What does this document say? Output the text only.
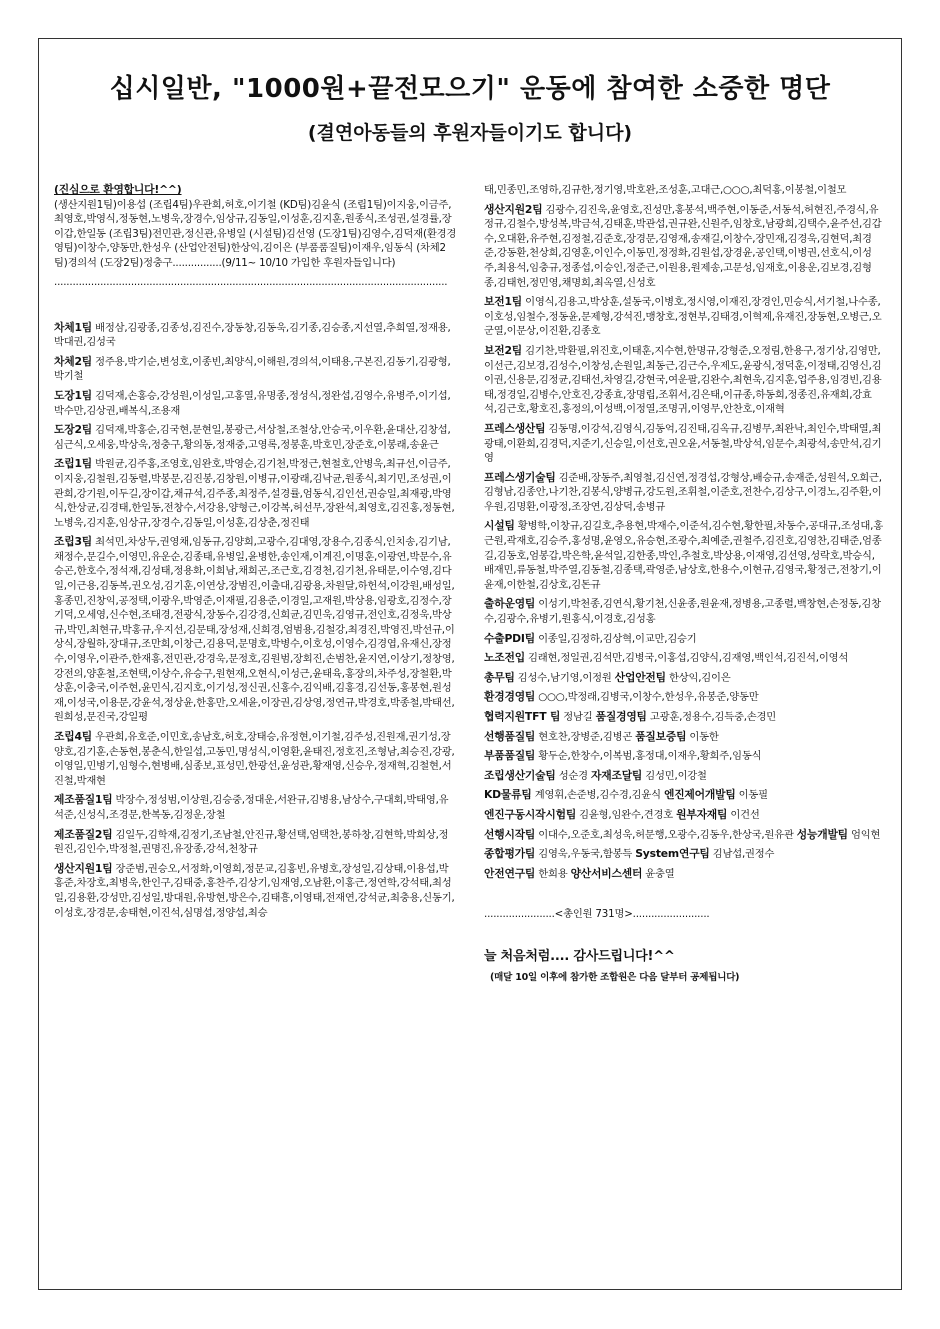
십시일반, "1000원+끝전모으기" 운동에 참여한 소중한 명단
(결연아동들의 후원자들이기도 합니다)
(진심으로 환영합니다!^^)
(생산지원1팀)이용섭 (조립4팀)우관희,허호,이기철 (KD팀)김윤식 (조립1팀)이지웅,이금주,최영호,박영식,정동현,노병욱,장경수,임상규,김동일,이성훈,김지훈,원종식,조성권,설경률,장이갑,한일동 (조립3팀)전민관,정신관,유병일 (시설팀)김선영 (도장1팀)김영수,김덕재(환경경영팀)이창수,양동만,한성우 (산업안전팀)한상익,김이은 (부품품질팀)이재우,임동식 (차체2팀)경의석 (도장2팀)정충구................(9/11~ 10/10 가입한 후원자들입니다)
................................................................................................................................
차체1팀 배정삼,김광종,김종성,김진수,장동창,김동욱,김기종,김승종,지선열,추희열,정재용,박대권,김성국
차체2팀 정주용,박기순,변성호,이종빈,최양식,이해원,경의석,이태용,구본진,김동기,김광형,박기철
도장1팀 김덕재,손홍승,강성원,이성일,고홍열,유명종,정성식,정완섭,김영수,유병주,이기섭,박수만,김상권,배복식,조용재
도장2팀 김덕재,박홍순,김국현,문현일,봉광근,서상철,조철상,안승국,이우환,윤대산,김창섭,심근식,오세웅,박상욱,정충구,황의동,정재중,고영록,정봉훈,박호민,장준호,이봉래,송윤근
조립1팀 박원균,김주홍,조영호,임완호,박영순,김기천,박정근,현철호,안병욱,최규선,이금주,이지웅,김철원,김동렬,박봉문,김진봉,김창원,이병규,이광래,김낙균,원종식,최기민,조성권,이관희,강기원,이두길,장이갑,채규석,김주종,최정주,설경률,엄동식,김인선,권승일,최재광,박영식,한상균,김경태,한일동,전창수,서강용,양형근,이강복,허선무,장완석,최영호,김진홍,정동현,노병욱,김지훈,임상규,장경수,김동일,이성훈,김상춘,정진태
조립3팀 최석민,차상두,권영채,임동규,김양희,고광수,김대영,장용수,김종식,인치송,김기남,채정수,문길수,이영민,유운순,김종태,유병일,윤병한,송인재,이계진,이명훈,이광연,박문수,유승곤,한호수,정석재,김성태,정용화,이희남,채희곤,조근호,김경천,김기천,유태문,이수영,김다일,이근용,김동복,권오성,김기훈,이연상,장범진,이출대,김광용,차원달,하헌석,이강원,배성일,홍종민,진창익,공정택,이광우,박영준,이재필,김용준,이경일,고재원,박상용,임광호,김정수,장기덕,오세영,신수현,조태경,전광식,장동수,김강경,신희균,김민욱,김영규,전인호,김정욱,박상규,박민,최현규,박홍규,우지선,김문태,장성재,신희경,엄범용,김철강,최경진,박영진,박선규,이상식,장월하,장대규,조만희,이창근,김용덕,문명호,박병수,이호성,이영수,김경엽,유재신,장정수,이영우,이관주,한재홍,전민관,강경욱,문정호,김원범,장회진,손범찬,윤지연,이상기,정창영,강전의,양훈철,조현택,이상수,유승구,원현재,오현식,이성근,윤태육,홍장의,차주성,장철환,박상훈,이충국,이주현,윤민식,김지호,이기성,정신권,신홍수,김익배,김홍경,김선동,홍봉현,원성재,이성국,이용문,강윤석,정상윤,한홍만,오세윤,이장권,김상영,정연규,박경호,박종철,박태선,원희성,문진국,강일평
조립4팀 우관희,유호준,이민호,송남호,허호,장태승,유정현,이기철,김주성,진원재,권기성,장양호,김기훈,손동현,봉춘식,한일섭,고동민,명성식,이영환,윤태진,정호진,조형남,최승진,강광,이영일,민병기,임형수,현병배,심종보,표성민,한광선,윤성관,황재영,신승우,정재혁,김철현,서진철,박재현
제조품질1팀 박장수,정성범,이상원,김승중,정대운,서완규,김병용,남상수,구대회,박태영,유석준,신성식,조경문,한복동,김정운,장철
제조품질2팀 김일두,김학재,김정기,조남철,안진규,황선택,엄택찬,봉하창,김현학,박희상,정원진,김인수,박정철,권명진,유장종,강석,천창규
생산지원1팀 장준범,권승오,서정화,이영희,정문교,김홍빈,유병호,장성일,김상태,이용섭,박홍준,차장호,최병욱,한인구,김태중,홍찬주,김상기,임재영,오남환,이홍근,정연학,강석태,최성일,김용환,강성만,김성일,방대원,유방현,방은수,김태흥,이영태,전재연,강석균,최충용,신동기,이성호,장경문,송태현,이진석,심명섭,정양섭,최승
태,민종민,조영하,김규한,정기영,박호완,조성훈,고대근,○○○,최덕홍,이봉철,이철모
생산지원2팀 김광수,김진욱,윤영호,진성만,홍봉석,백주현,이동준,서동석,허현진,주경식,유정규,김철수,방성복,박금석,김태훈,박관섭,권규완,신원주,임창호,남광희,김택수,윤주선,김갑수,오대환,유주현,김정철,김준호,장경문,김영재,송재길,이창수,장민재,김경욱,김현덕,최경준,강동환,천상희,김영훈,이인수,이동민,정정화,김원섭,장경윤,공인택,이병권,선호식,이성주,최용석,임충규,정종섭,이승인,정준근,이원용,원제송,고문성,임재호,이용운,김보경,김형종,김태헌,정민영,채명희,최옥열,신성호
보전1팀 이영식,김용고,박상훈,설동국,이병호,정시영,이재진,장경인,민승식,서기철,나수종,이호성,임철수,정동윤,문제형,강석진,맹창호,정현부,김태경,이혁제,유재진,장동현,오병근,오군열,이문상,이진환,김종호
보전2팀 김기찬,박환필,위진호,이태훈,지수현,한명규,강형준,오정림,한용구,정기상,김영만,이선근,김보경,김성수,이창성,손원일,최동근,김근수,우제도,윤광식,정덕훈,이정태,김영신,김이권,신용문,김정균,김태선,차영길,강현국,여운팔,김완수,최현욱,김지훈,업주용,임경빈,김용태,정경일,김병수,안호진,강종효,장명립,조휘서,김은태,이규종,하동희,정종진,유재희,강효석,김근호,황호진,홍정의,이성백,이정열,조명귀,이영무,안찬호,이재혁
프레스생산팀 김동명,이강석,김영식,김동억,김진태,김옥규,김병무,최완낙,최인수,박태열,최광태,이환희,김경덕,지준기,신승일,이선호,권오윤,서동철,박상석,임문수,최광석,송만석,김기영
프레스생기술팀 김준배,장동주,최영철,김신연,정경섭,강형상,배승규,송재준,성원석,오희근,김형남,김종안,나기찬,김봉식,양병규,강도원,조휘철,이준호,전찬수,김상구,이경노,김주환,이우원,김명환,이광정,조장연,김상덕,송병규
시설팀 황병학,이창규,김길호,추용현,박재수,이준석,김수현,황한필,차동수,공대규,조성대,홍근원,곽재호,김승주,홍성명,윤영오,유승현,조광수,최예준,권철주,김진호,김영찬,김태준,엄종길,김동호,엄봉갑,박은학,윤석일,김한종,박인,추철호,박상용,이재영,김선영,성락호,박승식,배재민,류동철,박주열,김동철,김종택,곽영준,남상호,한용수,이현규,김영국,황정근,전창기,이윤재,이한철,김상호,김돈규
출하운영팀 이성기,박천종,김연식,황기천,신윤종,원윤재,정병용,고종렬,백창현,손정동,김창수,김광수,유병기,원홍식,이경호,김성홍
수출PDI팀 이종일,김정하,김상혁,이교만,김승기
노조전입 김래현,정일권,김석만,김병국,이홍섭,김양식,김재영,백인석,김진석,이영석
총무팀 김성수,남기영,이정원 산업안전팀 한상익,김이은
환경경영팀 ○○○,박정래,김병국,이창수,한성우,유봉준,양동만
협력지원TFT 팀 정남길 품질경영팀 고광훈,정용수,김득중,손경민
선행품질팀 현호찬,장병준,김병곤 품질보증팀 이동한
부품품질팀 황두순,한창수,이복범,홍정대,이재우,황희주,임동식
조립생산기술팀 성순경 자재조달팀 김성민,이강철
KD물류팀 계영휘,손준병,김수경,김윤식 엔진제어개발팀 이동필
엔진구동시작시험팀 김윤형,임완수,견경호 원부자재팀 이건선
선행시작팀 이대수,오준호,최성욱,허문행,오광수,김동우,한상국,원유관 성능개발팀 엄익현
종합평가팀 김영욱,우동국,함봉득 System연구팀 김남섭,권정수
안전연구팀 한희용 양산서비스센터 윤충열
.......................<총인원 731명>.........................
늘 처음처럼.... 감사드립니다!^^
(매달 10일 이후에 참가한 조합원은 다음 달부터 공제됩니다)
